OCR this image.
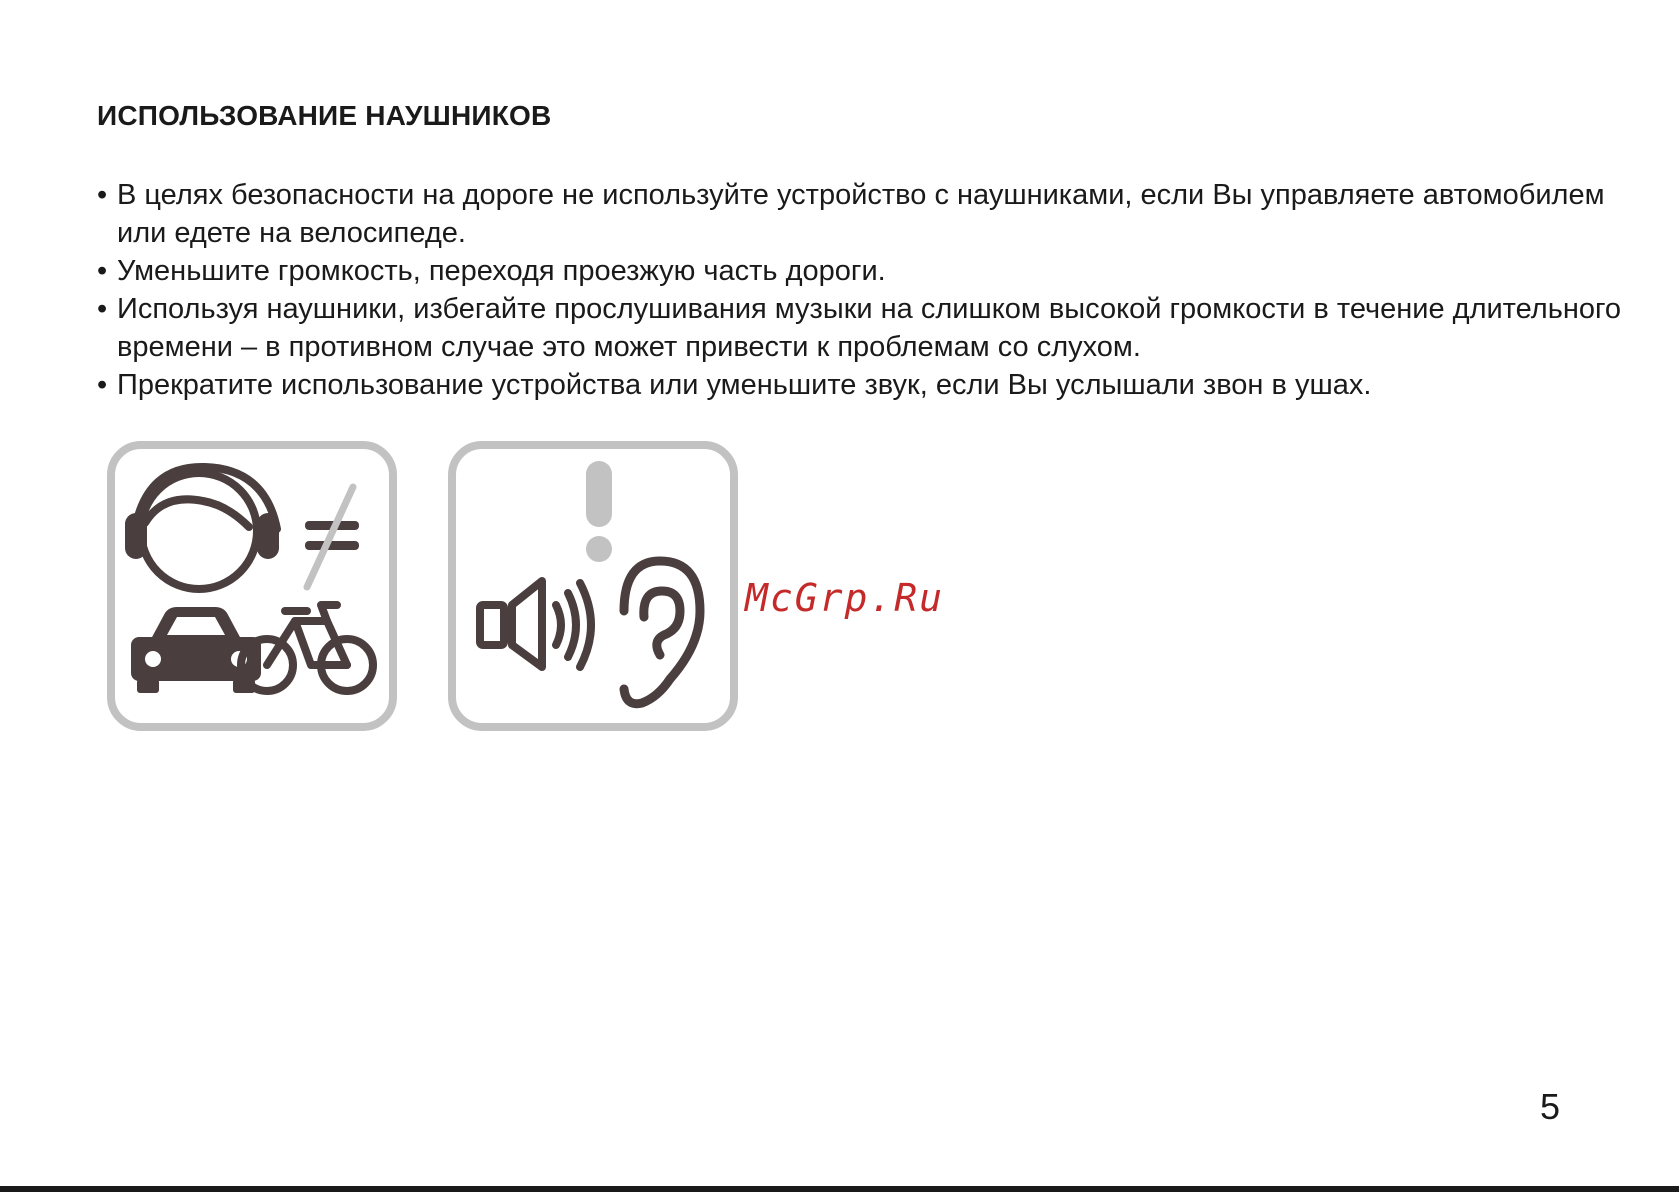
ИСПОЛЬЗОВАНИЕ НАУШНИКОВ
• В целях безопасности на дороге не используйте устройство с наушниками, если Вы управляете автомобилем или едете на велосипеде.
• Уменьшите громкость, переходя проезжую часть дороги.
• Используя наушники, избегайте прослушивания музыки на слишком высокой громкости в течение длительного времени – в противном случае это может привести к проблемам со слухом.
• Прекратите использование устройства или уменьшите звук, если Вы услышали звон в ушах.
McGrp.Ru
5
